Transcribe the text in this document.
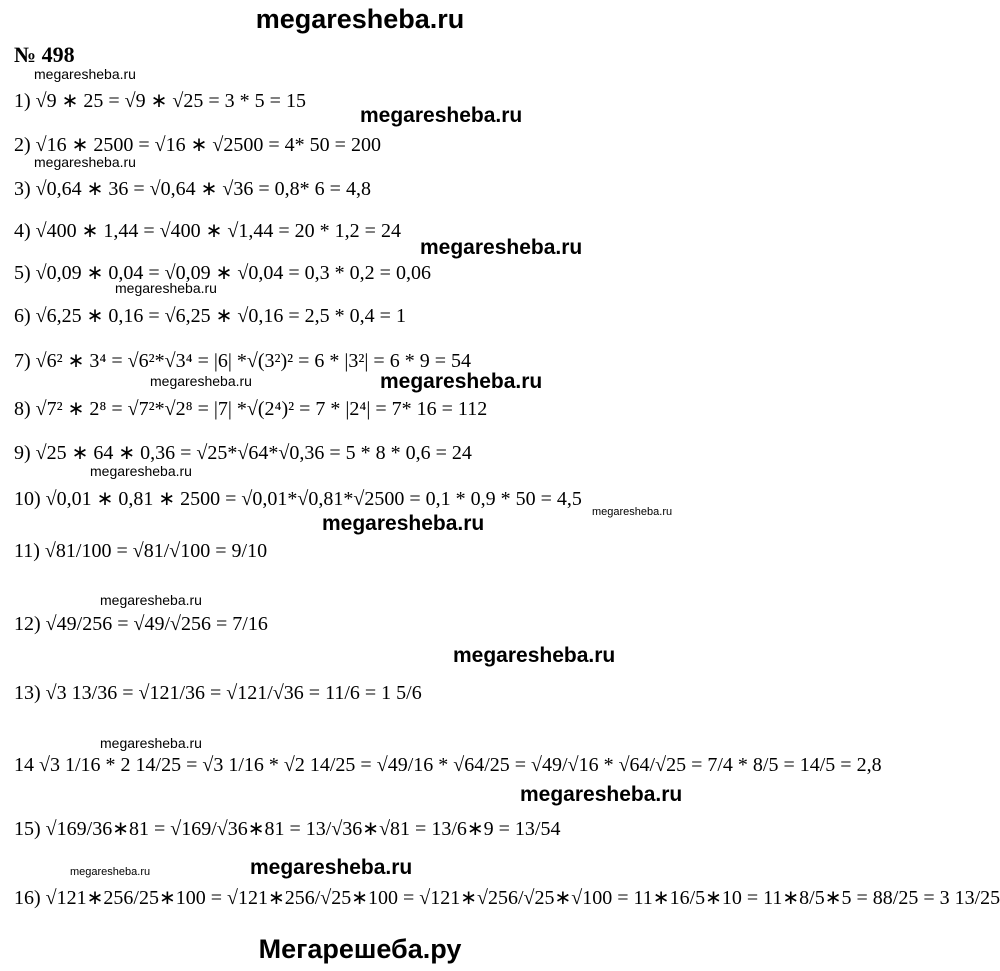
megaresheba.ru
№ 498
1) √9 ∗ 25 = √9 ∗ √25 = 3 * 5 = 15
2) √16 ∗ 2500 = √16 ∗ √2500 = 4* 50 = 200
3) √0,64 ∗ 36 = √0,64 ∗ √36 = 0,8* 6 = 4,8
4) √400 ∗ 1,44 = √400 ∗ √1,44 = 20 * 1,2 = 24
5) √0,09 ∗ 0,04 = √0,09 ∗ √0,04 = 0,3 * 0,2 = 0,06
6) √6,25 ∗ 0,16 = √6,25 ∗ √0,16 = 2,5 * 0,4 = 1
7) √6² ∗ 3⁴ = √6²*√3⁴ = |6| *√(3²)² = 6 * |3²| = 6 * 9 = 54
8) √7² ∗ 2⁸ = √7²*√2⁸ = |7| *√(2⁴)² = 7 * |2⁴| = 7* 16 = 112
9) √25 ∗ 64 ∗ 0,36 = √25*√64*√0,36 = 5 * 8 * 0,6 = 24
10) √0,01 ∗ 0,81 ∗ 2500 = √0,01*√0,81*√2500 = 0,1 * 0,9 * 50 = 4,5
11) √81/100 = √81/√100 = 9/10
12) √49/256 = √49/√256 = 7/16
13) √3 13/36 = √121/36 = √121/√36 = 11/6 = 1 5/6
14 √3 1/16 * 2 14/25 = √3 1/16 * √2 14/25 = √49/16 * √64/25 = √49/√16 * √64/√25 = 7/4 * 8/5 = 14/5 = 2,8
15) √169/36∗81 = √169/√36∗81 = 13/√36∗√81 = 13/6∗9 = 13/54
16) √121∗256/25∗100 = √121∗256/√25∗100 = √121∗√256/√25∗√100 = 11∗16/5∗10 = 11∗8/5∗5 = 88/25 = 3 13/25
megaresheba.ru
megaresheba.ru
megaresheba.ru
megaresheba.ru
megaresheba.ru
megaresheba.ru	megaresheba.ru
megaresheba.ru
megaresheba.ru
megaresheba.ru
megaresheba.ru
megaresheba.ru
megaresheba.ru
megaresheba.ru
megaresheba.ru	megaresheba.ru
Мегарешеба.ру
